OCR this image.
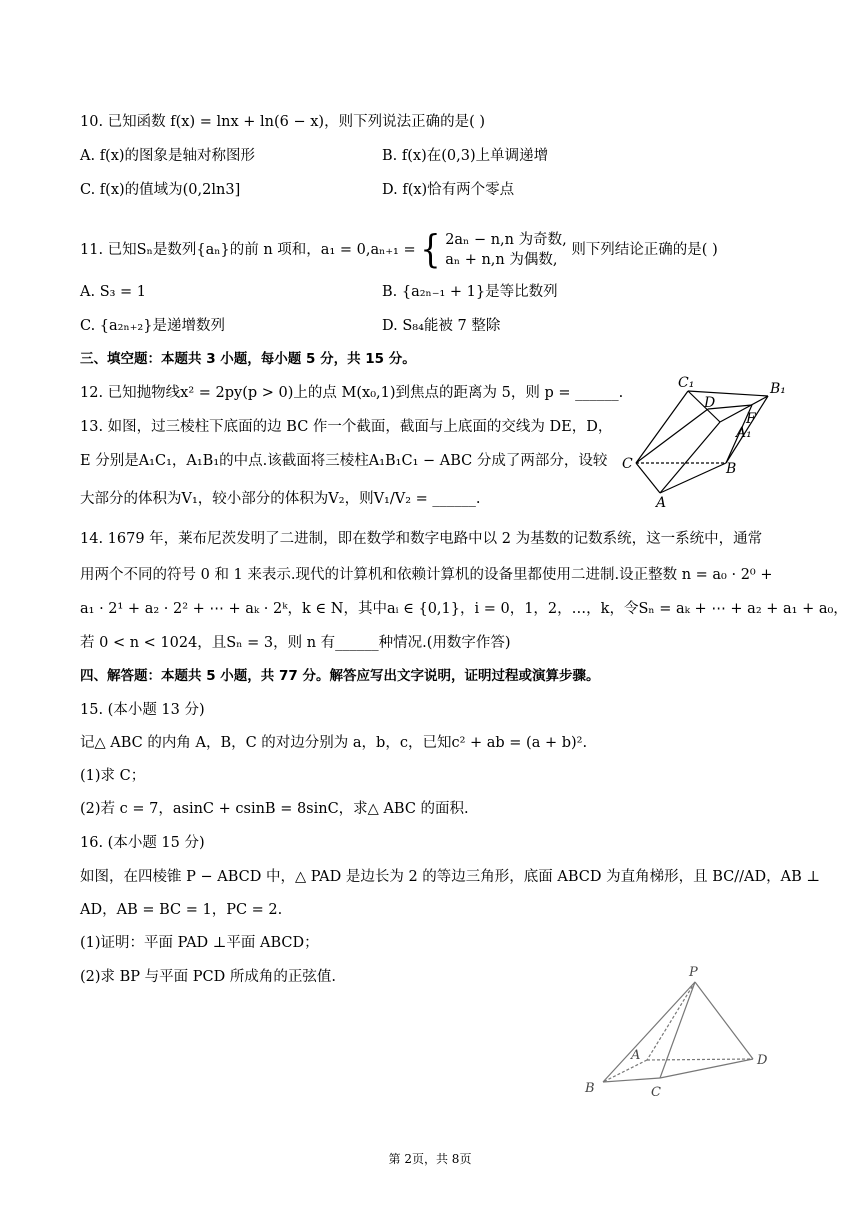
10. 已知函数 f(x) = lnx + ln(6 − x)，则下列说法正确的是( )
A. f(x)的图象是轴对称图形	B. f(x)在(0,3)上单调递增
C. f(x)的值域为(0,2ln3]	D. f(x)恰有两个零点
11. 已知Sₙ是数列{aₙ}的前 n 项和，a₁ = 0,aₙ₊₁ = { 2aₙ − n,n 为奇数,
aₙ + n,n 为偶数,
则下列结论正确的是( )
A. S₃ = 1	B. {a₂ₙ₋₁ + 1}是等比数列
C. {a₂ₙ₊₂}是递增数列	D. S₈₄能被 7 整除
三、填空题：本题共 3 小题，每小题 5 分，共 15 分。
12. 已知抛物线x² = 2py(p > 0)上的点 M(x₀,1)到焦点的距离为 5，则 p = ______.
13. 如图，过三棱柱下底面的边 BC 作一个截面，截面与上底面的交线为 DE，D，
E 分别是A₁C₁，A₁B₁的中点.该截面将三棱柱A₁B₁C₁ − ABC 分成了两部分，设较
大部分的体积为V₁，较小部分的体积为V₂，则V₁/V₂ = ______.
C₁	B₁
D
A₁
F
C	B
A
14. 1679 年，莱布尼茨发明了二进制，即在数学和数字电路中以 2 为基数的记数系统，这一系统中，通常
用两个不同的符号 0 和 1 来表示.现代的计算机和依赖计算机的设备里都使用二进制.设正整数 n = a₀ · 2⁰ +
a₁ · 2¹ + a₂ · 2² + ⋯ + aₖ · 2ᵏ，k ∈ N，其中aᵢ ∈ {0,1}，i = 0，1，2，…，k，令Sₙ = aₖ + ⋯ + a₂ + a₁ + a₀，
若 0 < n < 1024，且Sₙ = 3，则 n 有______种情况.(用数字作答)
四、解答题：本题共 5 小题，共 77 分。解答应写出文字说明，证明过程或演算步骤。
15. (本小题 13 分)
记△ ABC 的内角 A，B，C 的对边分别为 a，b，c，已知c² + ab = (a + b)².
(1)求 C；
(2)若 c = 7，asinC + csinB = 8sinC，求△ ABC 的面积.
16. (本小题 15 分)
如图，在四棱锥 P − ABCD 中，△ PAD 是边长为 2 的等边三角形，底面 ABCD 为直角梯形，且 BC//AD，AB ⊥
AD，AB = BC = 1，PC = 2.
(1)证明：平面 PAD ⊥平面 ABCD；
(2)求 BP 与平面 PCD 所成角的正弦值.	P
A	D
B	C
第 2页，共 8页
